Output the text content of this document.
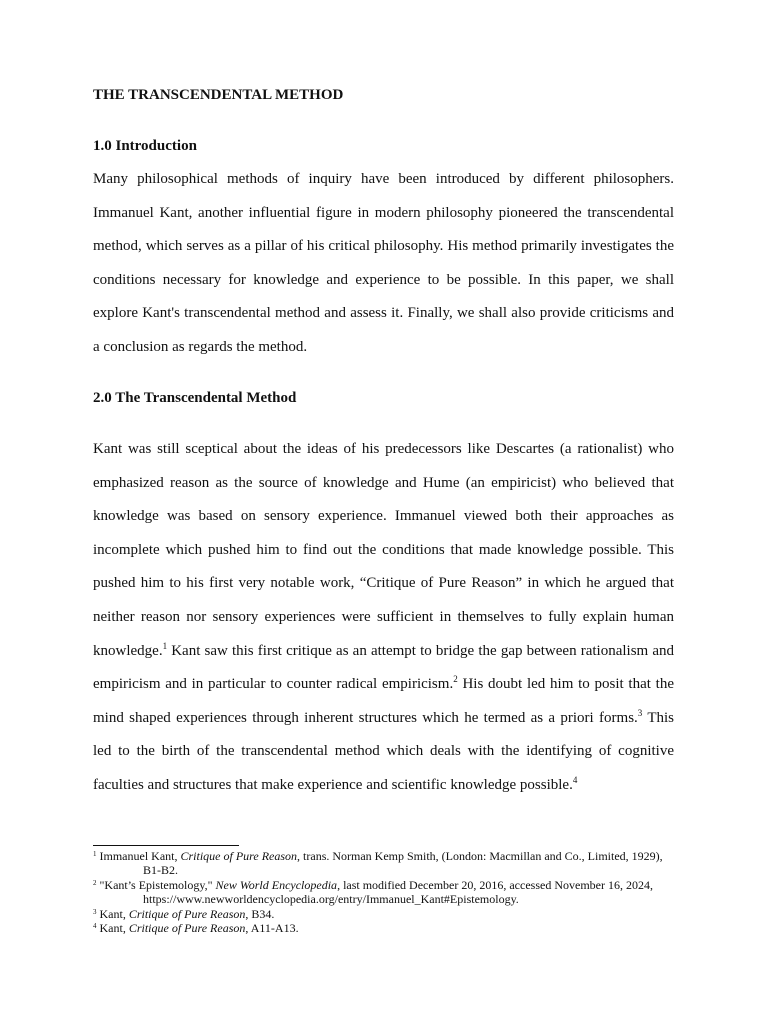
THE TRANSCENDENTAL METHOD
1.0 Introduction

Many philosophical methods of inquiry have been introduced by different philosophers. Immanuel Kant, another influential figure in modern philosophy pioneered the transcendental method, which serves as a pillar of his critical philosophy. His method primarily investigates the conditions necessary for knowledge and experience to be possible. In this paper, we shall explore Kant's transcendental method and assess it. Finally, we shall also provide criticisms and a conclusion as regards the method.

2.0 The Transcendental Method

Kant was still sceptical about the ideas of his predecessors like Descartes (a rationalist) who emphasized reason as the source of knowledge and Hume (an empiricist) who believed that knowledge was based on sensory experience. Immanuel viewed both their approaches as incomplete which pushed him to find out the conditions that made knowledge possible. This pushed him to his first very notable work, “Critique of Pure Reason” in which he argued that neither reason nor sensory experiences were sufficient in themselves to fully explain human knowledge.$^1$ Kant saw this first critique as an attempt to bridge the gap between rationalism and empiricism and in particular to counter radical empiricism.$^2$ His doubt led him to posit that the mind shaped experiences through inherent structures which he termed as a priori forms.$^3$ This led to the birth of the transcendental method which deals with the identifying of cognitive faculties and structures that make experience and scientific knowledge possible.$^4$

$^1$ Immanuel Kant, Critique of Pure Reason, trans. Norman Kemp Smith, (London: Macmillan and Co., Limited, 1929), B1-B2.

$^2$ "Kant’s Epistemology," New World Encyclopedia, last modified December 20, 2016, accessed November 16, 2024, https://www.newworldencyclopedia.org/entry/Immanuel_Kant#Epistemology.

$^3$ Kant, Critique of Pure Reason, B34.

$^4$ Kant, Critique of Pure Reason, A11-A13.
